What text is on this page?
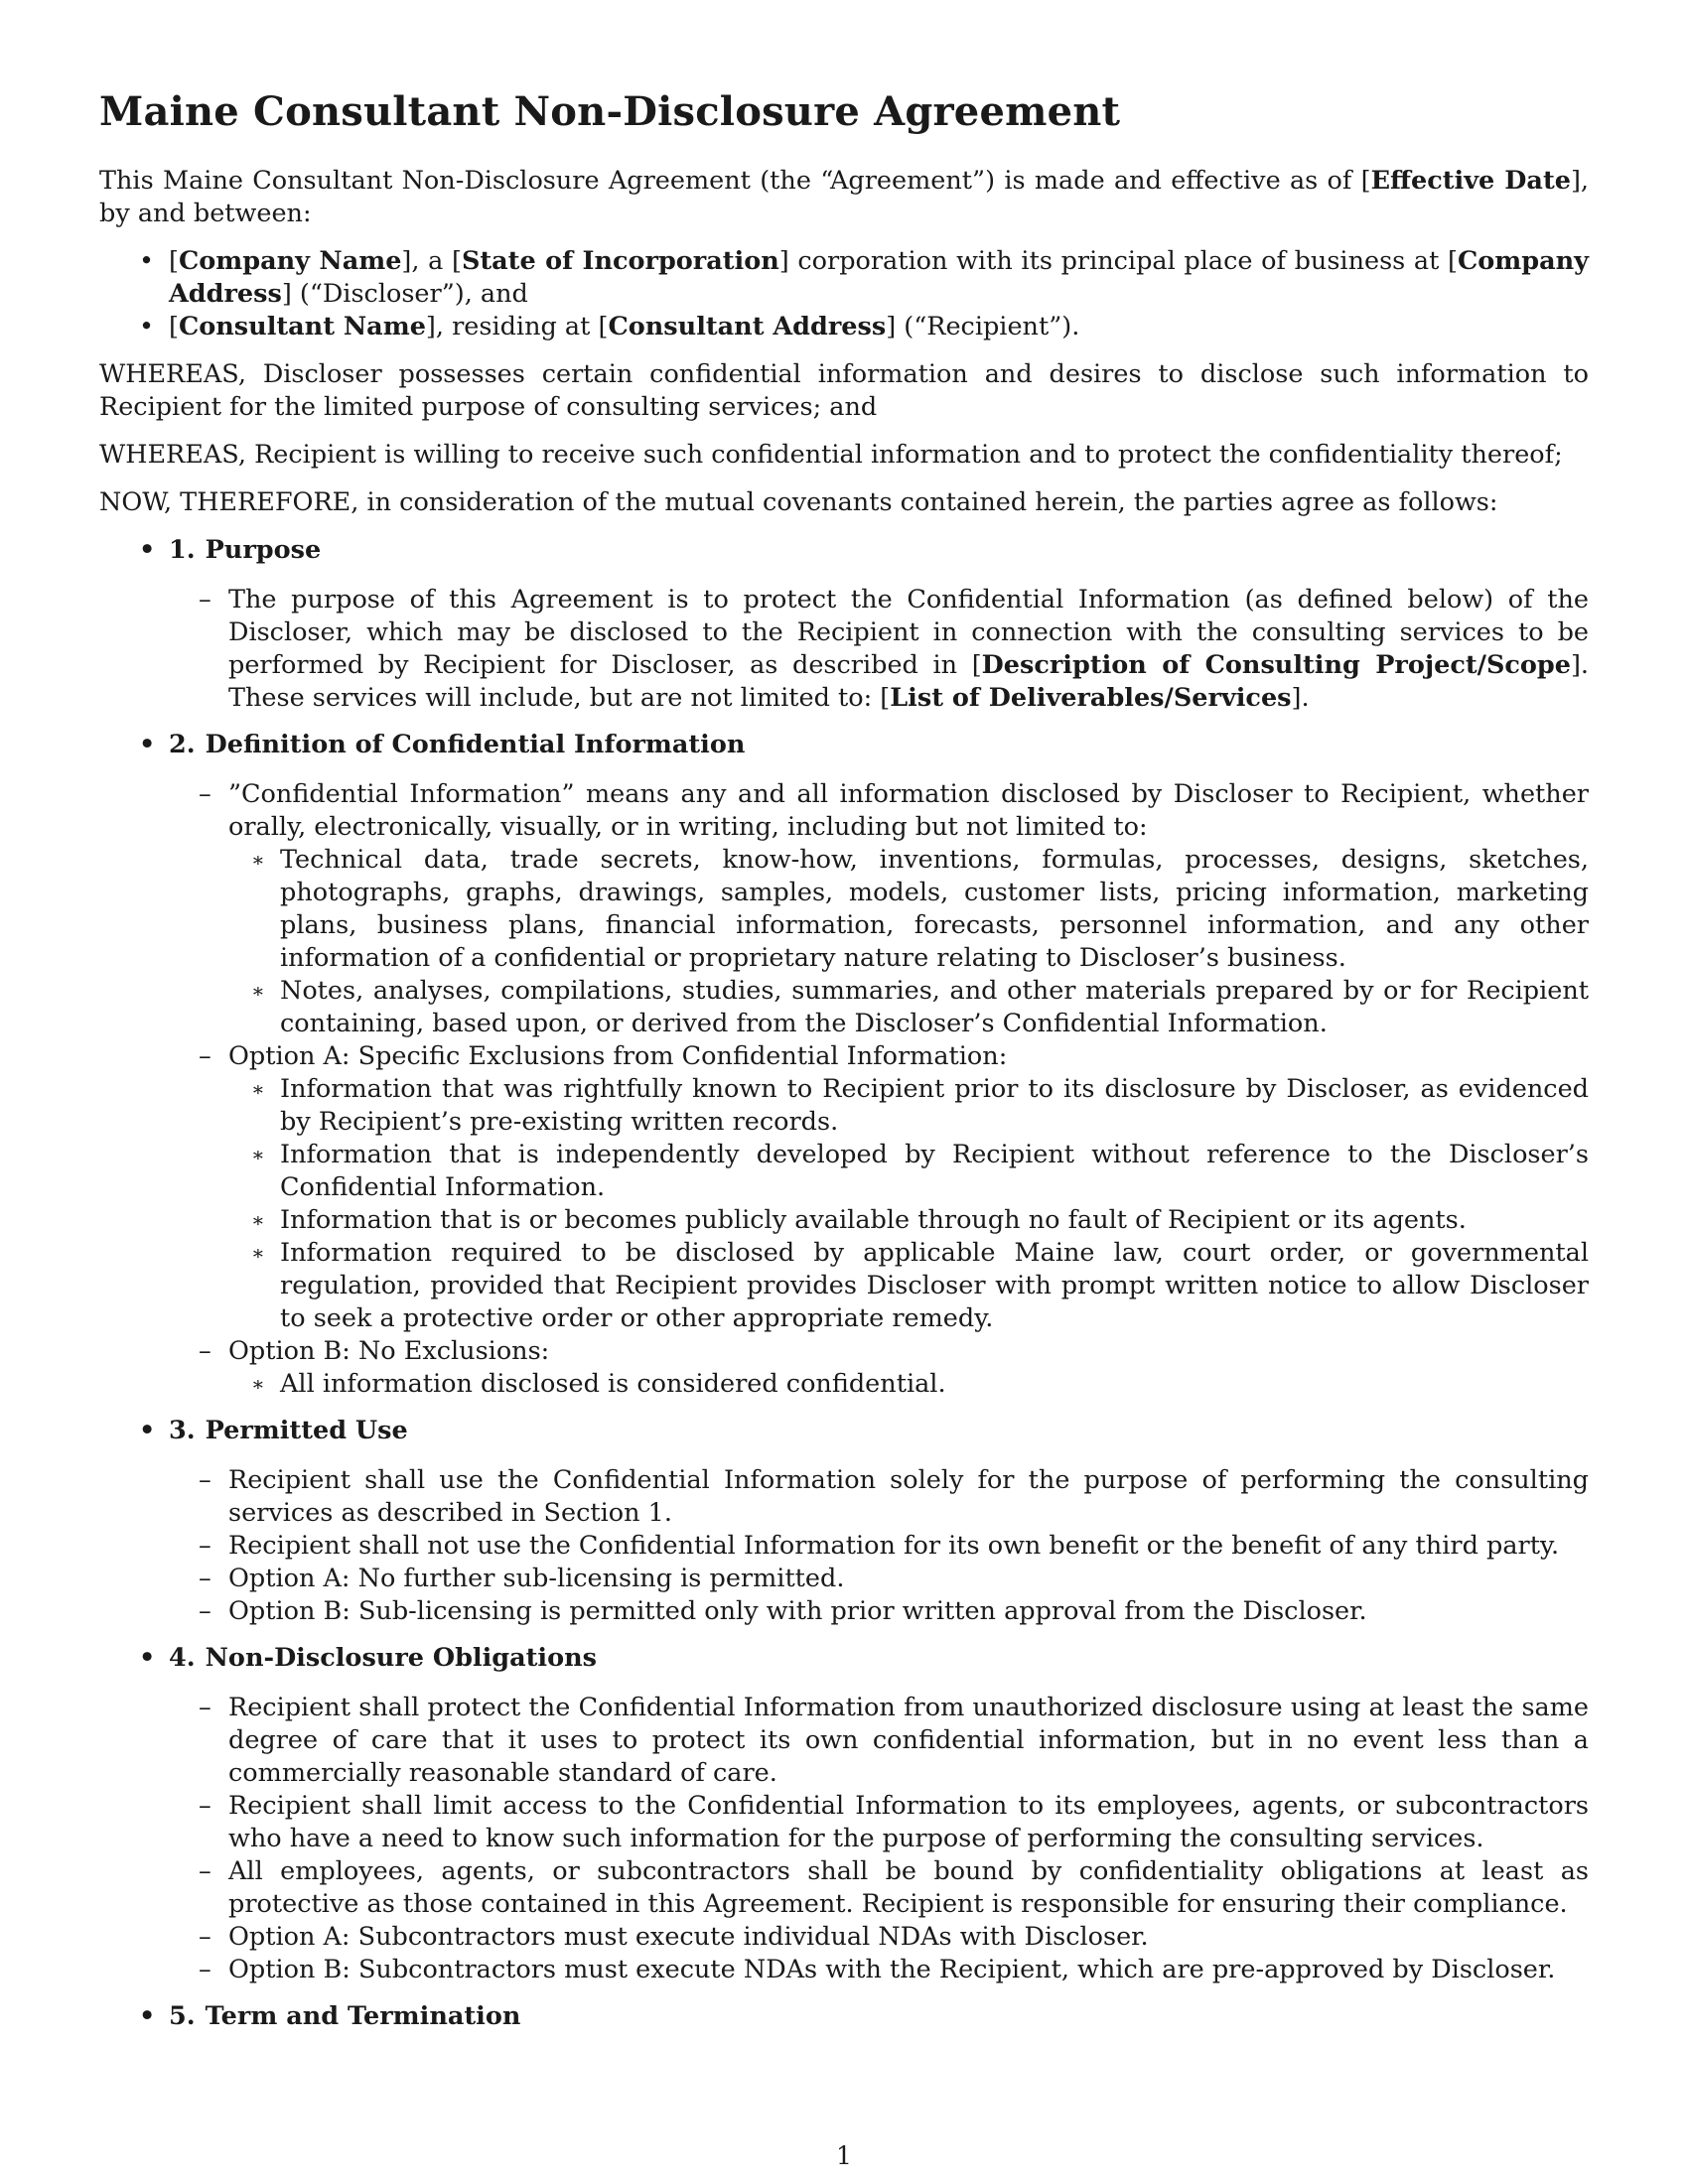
Maine Consultant Non-Disclosure Agreement

This Maine Consultant Non-Disclosure Agreement (the “Agreement”) is made and effective as of [Effective Date], by and between:

• [Company Name], a [State of Incorporation] corporation with its principal place of business at [Company Address] (“Discloser”), and
• [Consultant Name], residing at [Consultant Address] (“Recipient”).

WHEREAS, Discloser possesses certain confidential information and desires to disclose such information to Recipient for the limited purpose of consulting services; and

WHEREAS, Recipient is willing to receive such confidential information and to protect the confidentiality thereof;

NOW, THEREFORE, in consideration of the mutual covenants contained herein, the parties agree as follows:

• 1. Purpose
– The purpose of this Agreement is to protect the Confidential Information (as defined below) of the Discloser, which may be disclosed to the Recipient in connection with the consulting services to be performed by Recipient for Discloser, as described in [Description of Consulting Project/Scope]. These services will include, but are not limited to: [List of Deliverables/Services].
• 2. Definition of Confidential Information
– ”Confidential Information” means any and all information disclosed by Discloser to Recipient, whether orally, electronically, visually, or in writing, including but not limited to:
∗ Technical data, trade secrets, know-how, inventions, formulas, processes, designs, sketches, photographs, graphs, drawings, samples, models, customer lists, pricing information, marketing plans, business plans, financial information, forecasts, personnel information, and any other information of a confidential or proprietary nature relating to Discloser’s business.
∗ Notes, analyses, compilations, studies, summaries, and other materials prepared by or for Recipient containing, based upon, or derived from the Discloser’s Confidential Information.
– Option A: Specific Exclusions from Confidential Information:
∗ Information that was rightfully known to Recipient prior to its disclosure by Discloser, as evidenced by Recipient’s pre-existing written records.
∗ Information that is independently developed by Recipient without reference to the Discloser’s Confidential Information.
∗ Information that is or becomes publicly available through no fault of Recipient or its agents.
∗ Information required to be disclosed by applicable Maine law, court order, or governmental regulation, provided that Recipient provides Discloser with prompt written notice to allow Discloser to seek a protective order or other appropriate remedy.
– Option B: No Exclusions:
∗ All information disclosed is considered confidential.
• 3. Permitted Use
– Recipient shall use the Confidential Information solely for the purpose of performing the consulting services as described in Section 1.
– Recipient shall not use the Confidential Information for its own benefit or the benefit of any third party.
– Option A: No further sub-licensing is permitted.
– Option B: Sub-licensing is permitted only with prior written approval from the Discloser.
• 4. Non-Disclosure Obligations
– Recipient shall protect the Confidential Information from unauthorized disclosure using at least the same degree of care that it uses to protect its own confidential information, but in no event less than a commercially reasonable standard of care.
– Recipient shall limit access to the Confidential Information to its employees, agents, or subcontractors who have a need to know such information for the purpose of performing the consulting services.
– All employees, agents, or subcontractors shall be bound by confidentiality obligations at least as protective as those contained in this Agreement. Recipient is responsible for ensuring their compliance.
– Option A: Subcontractors must execute individual NDAs with Discloser.
– Option B: Subcontractors must execute NDAs with the Recipient, which are pre-approved by Discloser.
• 5. Term and Termination
1
